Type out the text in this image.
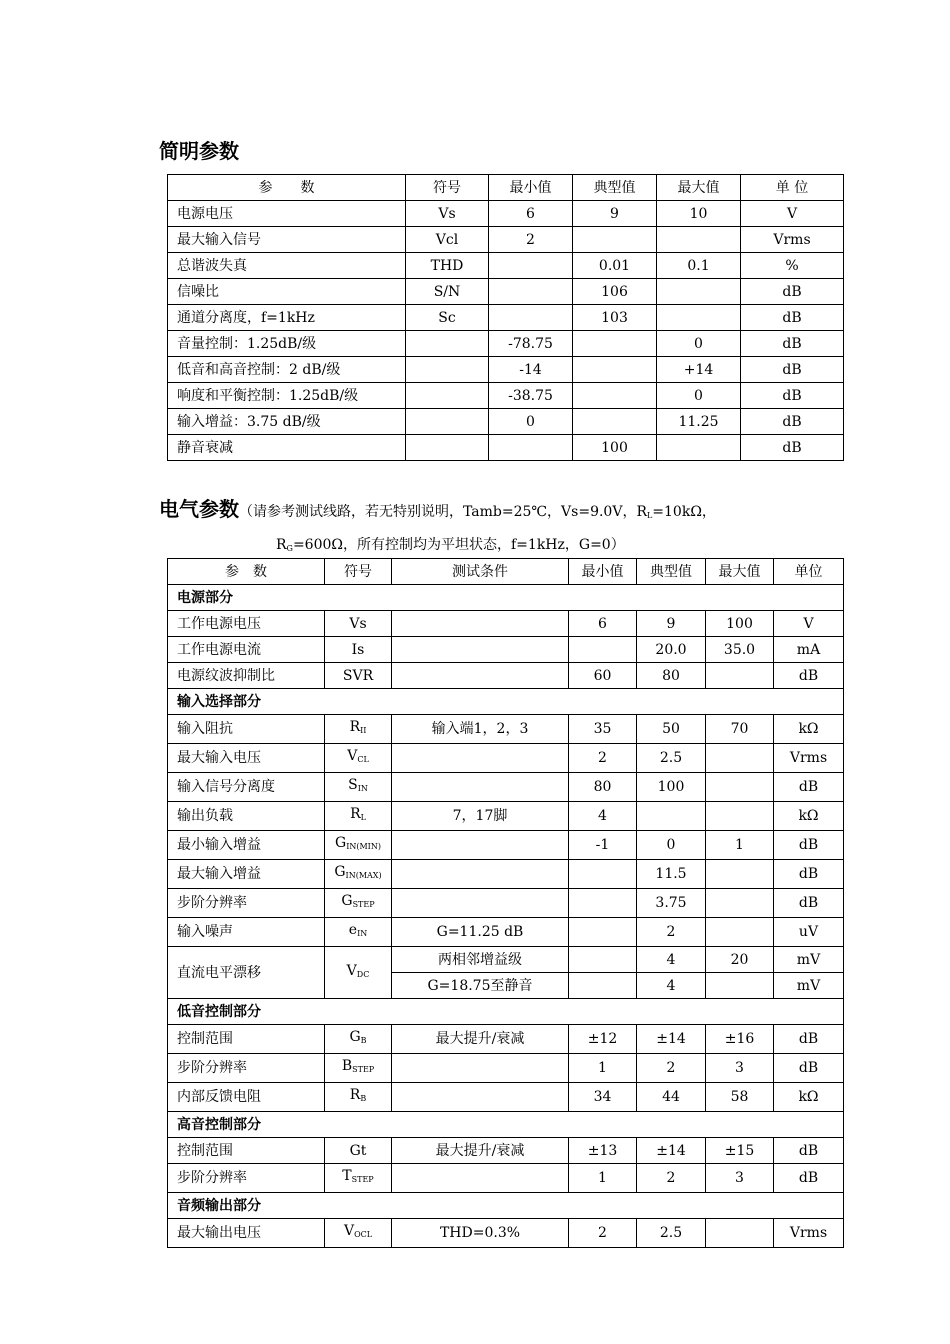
简明参数
参　　数	符号	最小值	典型值	最大值	单 位
电源电压	Vs	6	9	10	V
最大输入信号	Vcl	2			Vrms
总谐波失真	THD		0.01	0.1	%
信噪比	S/N		106		dB
通道分离度，f=1kHz	Sc		103		dB
音量控制：1.25dB/级		-78.75		0	dB
低音和高音控制：2 dB/级		-14		+14	dB
响度和平衡控制：1.25dB/级		-38.75		0	dB
输入增益：3.75 dB/级		0		11.25	dB
静音衰减			100		dB
电气参数（请参考测试线路，若无特别说明，Tamb=25℃，Vs=9.0V，$R_L=10k\Omega$，
$R_G=600\Omega$，所有控制均为平坦状态，f=1kHz，G=0）
参　数	符号	测试条件	最小值	典型值	最大值	单位
电源部分						
工作电源电压	Vs		6	9	100	V
工作电源电流	Is			20.0	35.0	mA
电源纹波抑制比	SVR		60	80		dB
输入选择部分						
输入阻抗	$R_{II}$	输入端1，2，3	35	50	70	kΩ
最大输入电压	$V_{CL}$		2	2.5		Vrms
输入信号分离度	$S_{IN}$		80	100		dB
输出负载	$R_L$	7，17脚	4			kΩ
最小输入增益	$G_{IN(MIN)}$		-1	0	1	dB
最大输入增益	$G_{IN(MAX)}$			11.5		dB
步阶分辨率	$G_{STEP}$			3.75		dB
输入噪声	$e_{IN}$	G=11.25 dB		2		uV
直流电平漂移	$V_{DC}$	两相邻增益级		4	20	mV
		G=18.75至静音		4		mV
低音控制部分						
控制范围	$G_B$	最大提升/衰减	±12	±14	±16	dB
步阶分辨率	$B_{STEP}$		1	2	3	dB
内部反馈电阻	$R_B$		34	44	58	kΩ
高音控制部分						
控制范围	Gt	最大提升/衰减	±13	±14	±15	dB
步阶分辨率	$T_{STEP}$		1	2	3	dB
音频输出部分						
最大输出电压	$V_{OCL}$	THD=0.3%	2	2.5		Vrms
